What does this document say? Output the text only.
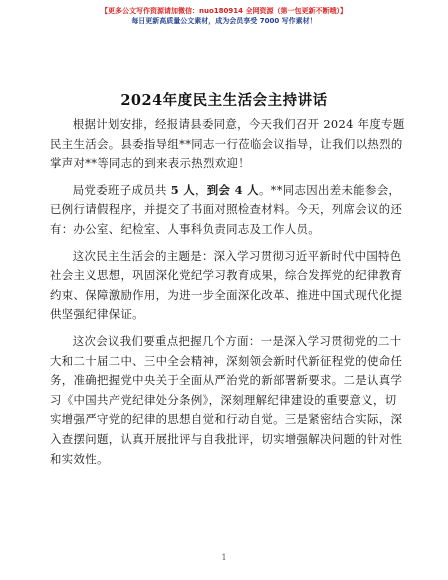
【更多公文写作资源请加微信：nuo180914 全网资源（第一包更新不断哦）】
每日更新高质量公文素材，成为会员享受 7000 写作素材！
2024年度民主生活会主持讲话

根据计划安排，经报请县委同意，今天我们召开 2024 年度专题民主生活会。县委指导组**同志一行莅临会议指导，让我们以热烈的掌声对**等同志的到来表示热烈欢迎！

局党委班子成员共 5 人，到会 4 人。**同志因出差未能参会，已例行请假程序，并提交了书面对照检查材料。今天，列席会议的还有：办公室、纪检室、人事科负责同志及工作人员。

这次民主生活会的主题是：深入学习贯彻习近平新时代中国特色社会主义思想，巩固深化党纪学习教育成果，综合发挥党的纪律教育约束、保障激励作用，为进一步全面深化改革、推进中国式现代化提供坚强纪律保证。

这次会议我们要重点把握几个方面：一是深入学习贯彻党的二十大和二十届二中、三中全会精神，深刻领会新时代新征程党的使命任务，准确把握党中央关于全面从严治党的新部署新要求。二是认真学习《中国共产党纪律处分条例》，深刻理解纪律建设的重要意义，切实增强严守党的纪律的思想自觉和行动自觉。三是紧密结合实际，深入查摆问题，认真开展批评与自我批评，切实增强解决问题的针对性和实效性。

1
